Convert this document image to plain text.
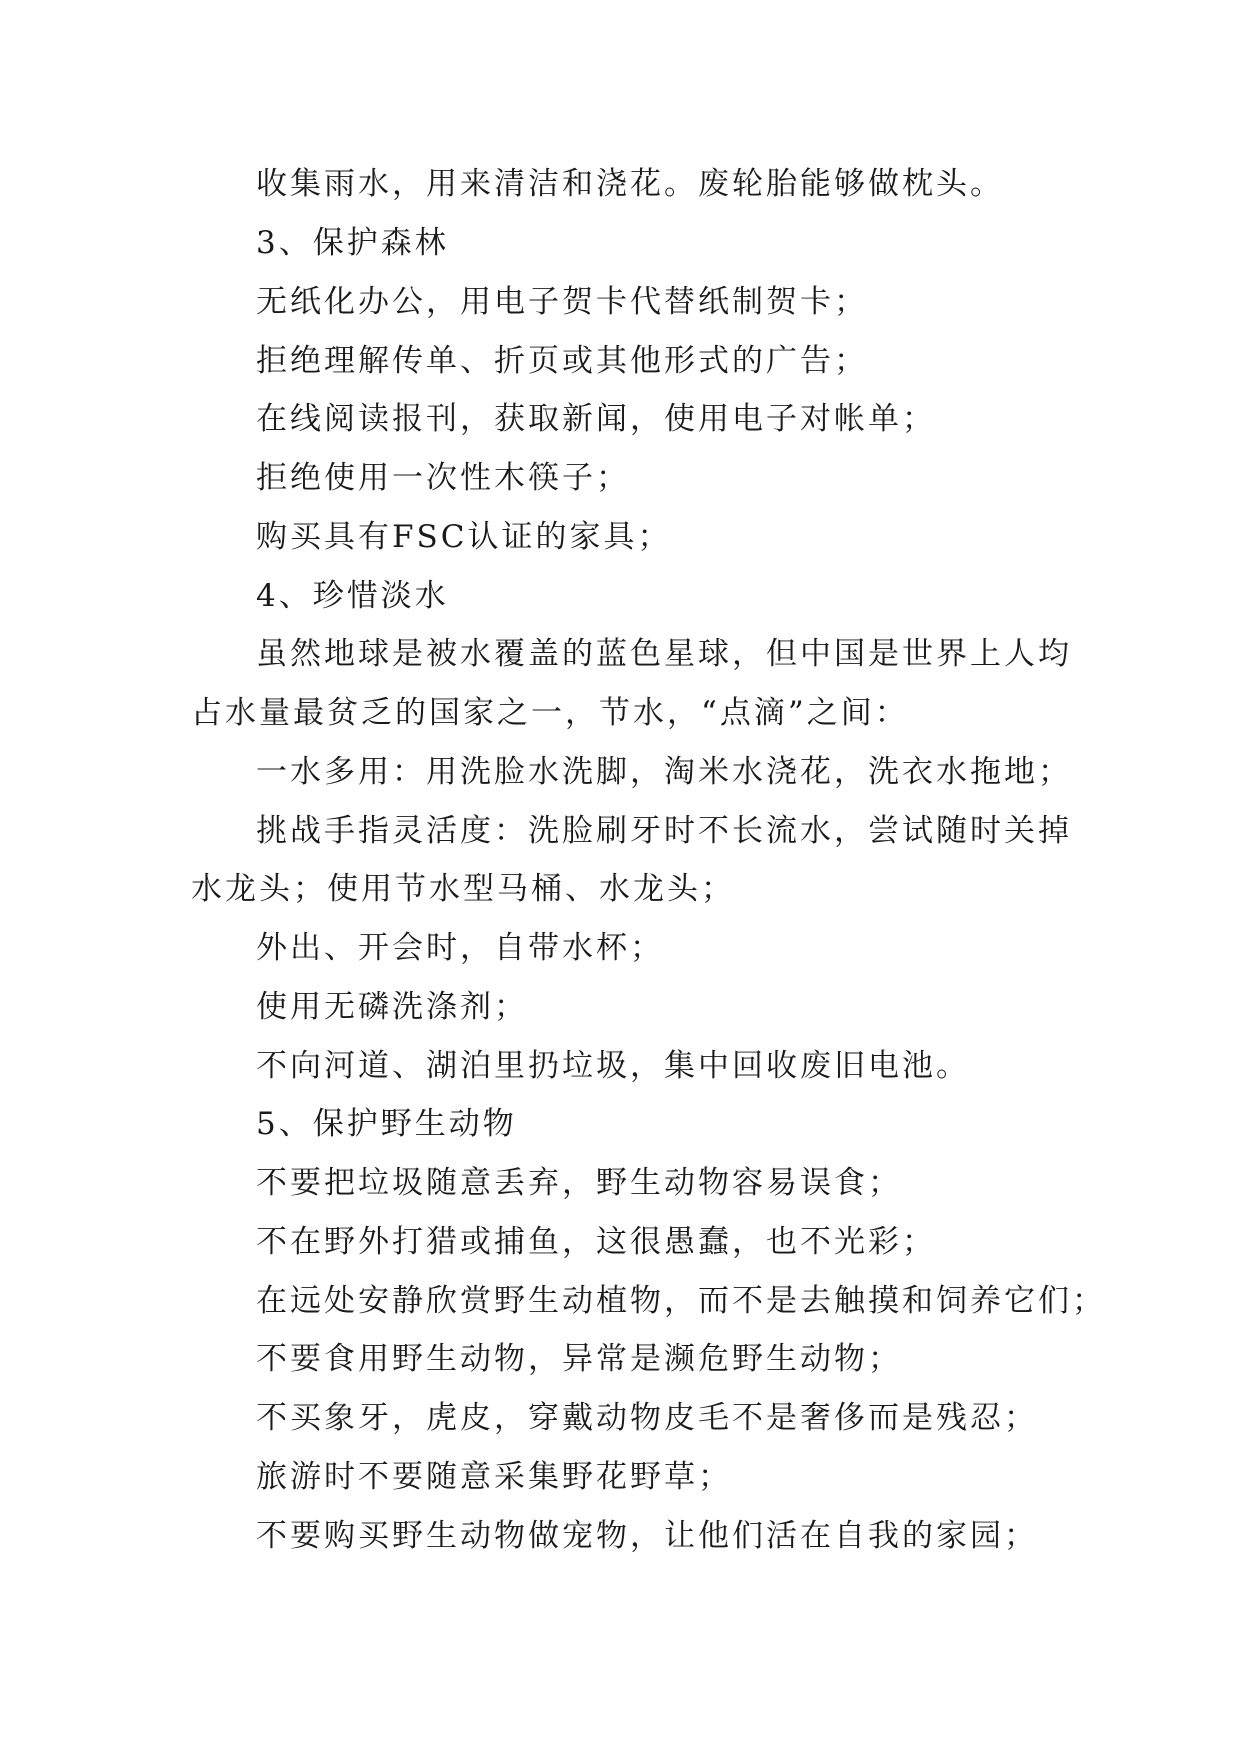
收集雨水，用来清洁和浇花。废轮胎能够做枕头。
3、保护森林
无纸化办公，用电子贺卡代替纸制贺卡；
拒绝理解传单、折页或其他形式的广告；
在线阅读报刊，获取新闻，使用电子对帐单；
拒绝使用一次性木筷子；
购买具有FSC认证的家具；
4、珍惜淡水
虽然地球是被水覆盖的蓝色星球，但中国是世界上人均
占水量最贫乏的国家之一，节水，“点滴”之间：
一水多用：用洗脸水洗脚，淘米水浇花，洗衣水拖地；
挑战手指灵活度：洗脸刷牙时不长流水，尝试随时关掉
水龙头；使用节水型马桶、水龙头；
外出、开会时，自带水杯；
使用无磷洗涤剂；
不向河道、湖泊里扔垃圾，集中回收废旧电池。
5、保护野生动物
不要把垃圾随意丢弃，野生动物容易误食；
不在野外打猎或捕鱼，这很愚蠢，也不光彩；
在远处安静欣赏野生动植物，而不是去触摸和饲养它们；
不要食用野生动物，异常是濒危野生动物；
不买象牙，虎皮，穿戴动物皮毛不是奢侈而是残忍；
旅游时不要随意采集野花野草；
不要购买野生动物做宠物，让他们活在自我的家园；
